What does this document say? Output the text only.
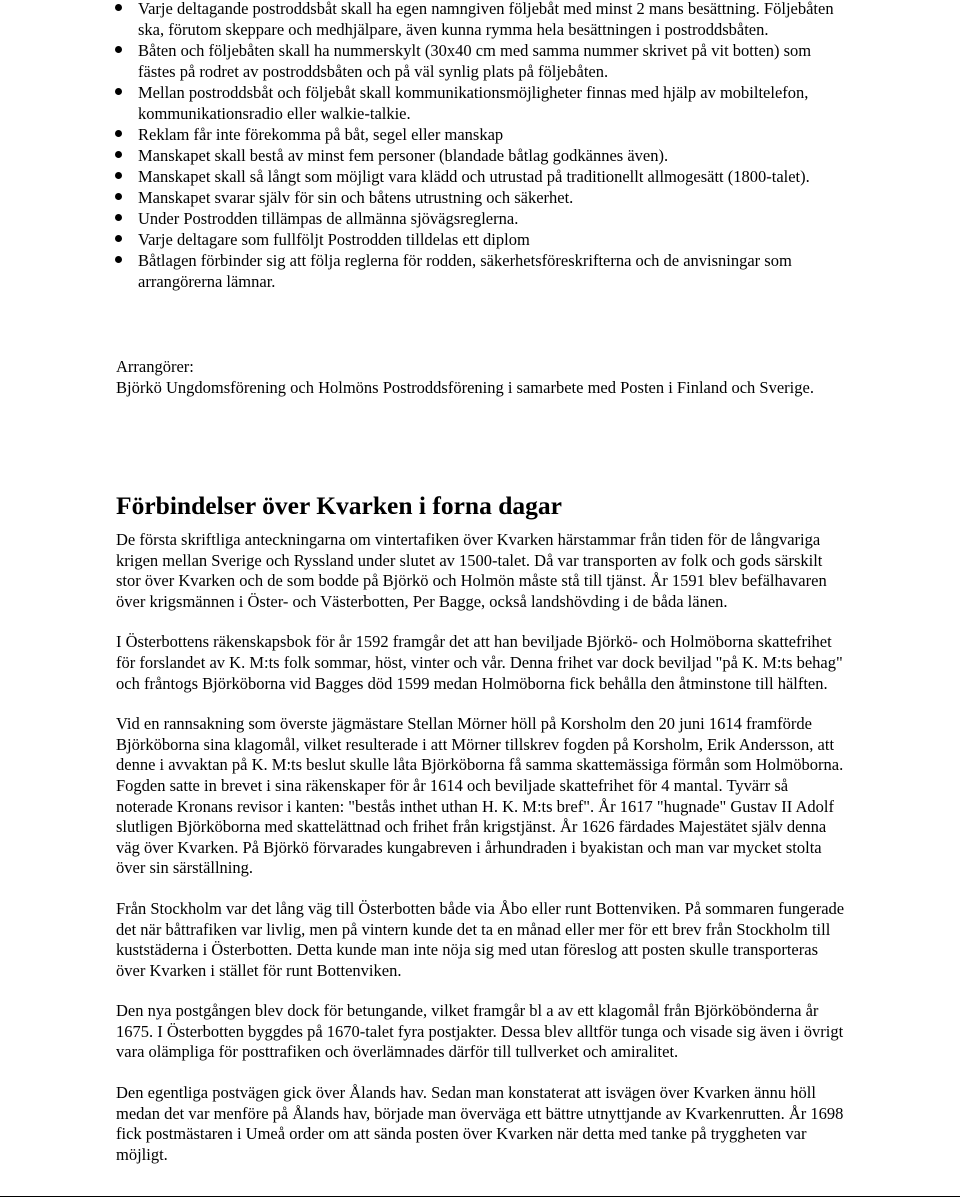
Varje deltagande postroddsbåt skall ha egen namngiven följebåt med minst 2 mans besättning. Följebåten ska, förutom skeppare och medhjälpare, även kunna rymma hela besättningen i postroddsbåten.
Båten och följebåten skall ha nummerskylt (30x40 cm med samma nummer skrivet på vit botten) som fästes på rodret av postroddsbåten och på väl synlig plats på följebåten.
Mellan postroddsbåt och följebåt skall kommunikationsmöjligheter finnas med hjälp av mobiltelefon, kommunikationsradio eller walkie-talkie.
Reklam får inte förekomma på båt, segel eller manskap
Manskapet skall bestå av minst fem personer (blandade båtlag godkännes även).
Manskapet skall så långt som möjligt vara klädd och utrustad på traditionellt allmogesätt (1800-talet).
Manskapet svarar själv för sin och båtens utrustning och säkerhet.
Under Postrodden tillämpas de allmänna sjövägsreglerna.
Varje deltagare som fullföljt Postrodden tilldelas ett diplom
Båtlagen förbinder sig att följa reglerna för rodden, säkerhetsföreskrifterna och de anvisningar som arrangörerna lämnar.

Arrangörer:

Björkö Ungdomsförening och Holmöns Postroddsförening i samarbete med Posten i Finland och Sverige.

Förbindelser över Kvarken i forna dagar

De första skriftliga anteckningarna om vintertafiken över Kvarken härstammar från tiden för de långvariga krigen mellan Sverige och Ryssland under slutet av 1500-talet. Då var transporten av folk och gods särskilt stor över Kvarken och de som bodde på Björkö och Holmön måste stå till tjänst. År 1591 blev befälhavaren över krigsmännen i Öster- och Västerbotten, Per Bagge, också landshövding i de båda länen.

I Österbottens räkenskapsbok för år 1592 framgår det att han beviljade Björkö- och Holmöborna skattefrihet för forslandet av K. M:ts folk sommar, höst, vinter och vår. Denna frihet var dock beviljad "på K. M:ts behag" och fråntogs Björköborna vid Bagges död 1599 medan Holmöborna fick behålla den åtminstone till hälften.

Vid en rannsakning som överste jägmästare Stellan Mörner höll på Korsholm den 20 juni 1614 framförde Björköborna sina klagomål, vilket resulterade i att Mörner tillskrev fogden på Korsholm, Erik Andersson, att denne i avvaktan på K. M:ts beslut skulle låta Björköborna få samma skattemässiga förmån som Holmöborna. Fogden satte in brevet i sina räkenskaper för år 1614 och beviljade skattefrihet för 4 mantal. Tyvärr så noterade Kronans revisor i kanten: "bestås inthet uthan H. K. M:ts bref". År 1617 "hugnade" Gustav II Adolf slutligen Björköborna med skattelättnad och frihet från krigstjänst. År 1626 färdades Majestätet själv denna väg över Kvarken. På Björkö förvarades kungabreven i århundraden i byakistan och man var mycket stolta över sin särställning.

Från Stockholm var det lång väg till Österbotten både via Åbo eller runt Bottenviken. På sommaren fungerade det när båttrafiken var livlig, men på vintern kunde det ta en månad eller mer för ett brev från Stockholm till kuststäderna i Österbotten. Detta kunde man inte nöja sig med utan föreslog att posten skulle transporteras över Kvarken i stället för runt Bottenviken.

Den nya postgången blev dock för betungande, vilket framgår bl a av ett klagomål från Björköbönderna år 1675. I Österbotten byggdes på 1670-talet fyra postjakter. Dessa blev alltför tunga och visade sig även i övrigt vara olämpliga för posttrafiken och överlämnades därför till tullverket och amiralitet.

Den egentliga postvägen gick över Ålands hav. Sedan man konstaterat att isvägen över Kvarken ännu höll medan det var menföre på Ålands hav, började man överväga ett bättre utnyttjande av Kvarkenrutten. År 1698 fick postmästaren i Umeå order om att sända posten över Kvarken när detta med tanke på tryggheten var möjligt.
